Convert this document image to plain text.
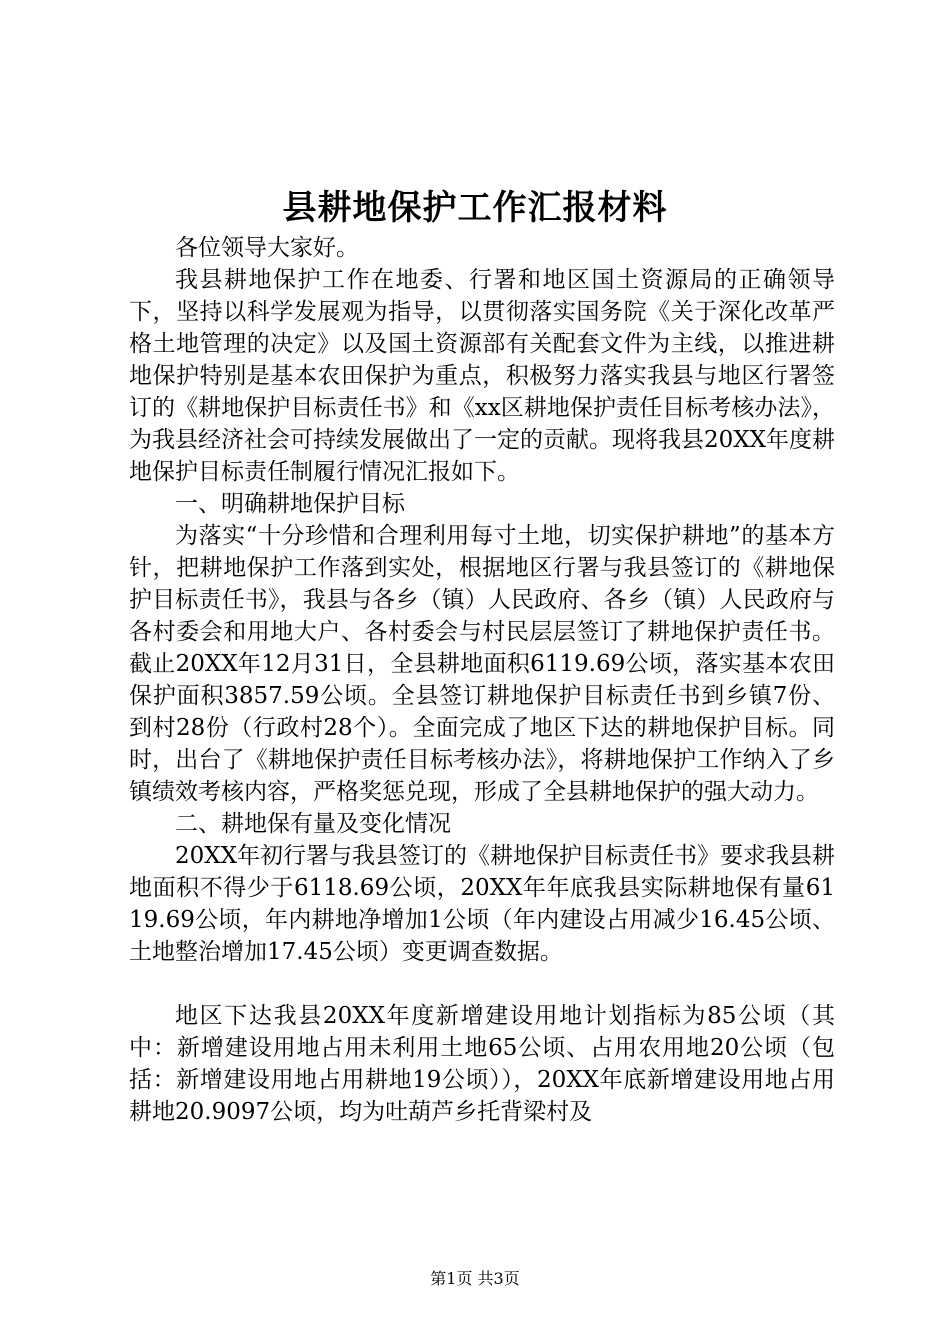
县耕地保护工作汇报材料

各位领导大家好。

我县耕地保护工作在地委、行署和地区国土资源局的正确领导下，坚持以科学发展观为指导，以贯彻落实国务院《关于深化改革严格土地管理的决定》以及国土资源部有关配套文件为主线，以推进耕地保护特别是基本农田保护为重点，积极努力落实我县与地区行署签订的《耕地保护目标责任书》和《xx区耕地保护责任目标考核办法》，为我县经济社会可持续发展做出了一定的贡献。现将我县20XX年度耕地保护目标责任制履行情况汇报如下。

一、明确耕地保护目标

为落实“十分珍惜和合理利用每寸土地，切实保护耕地”的基本方针，把耕地保护工作落到实处，根据地区行署与我县签订的《耕地保护目标责任书》，我县与各乡（镇）人民政府、各乡（镇）人民政府与各村委会和用地大户、各村委会与村民层层签订了耕地保护责任书。截止20XX年12月31日，全县耕地面积6119.69公顷，落实基本农田保护面积3857.59公顷。全县签订耕地保护目标责任书到乡镇7份、到村28份（行政村28个）。全面完成了地区下达的耕地保护目标。同时，出台了《耕地保护责任目标考核办法》，将耕地保护工作纳入了乡镇绩效考核内容，严格奖惩兑现，形成了全县耕地保护的强大动力。

二、耕地保有量及变化情况

20XX年初行署与我县签订的《耕地保护目标责任书》要求我县耕地面积不得少于6118.69公顷，20XX年年底我县实际耕地保有量6119.69公顷，年内耕地净增加1公顷（年内建设占用减少16.45公顷、土地整治增加17.45公顷）变更调查数据。

地区下达我县20XX年度新增建设用地计划指标为85公顷（其中：新增建设用地占用未利用土地65公顷、占用农用地20公顷（包括：新增建设用地占用耕地19公顷）），20XX年底新增建设用地占用耕地20.9097公顷，均为吐葫芦乡托背梁村及

第1页 共3页
